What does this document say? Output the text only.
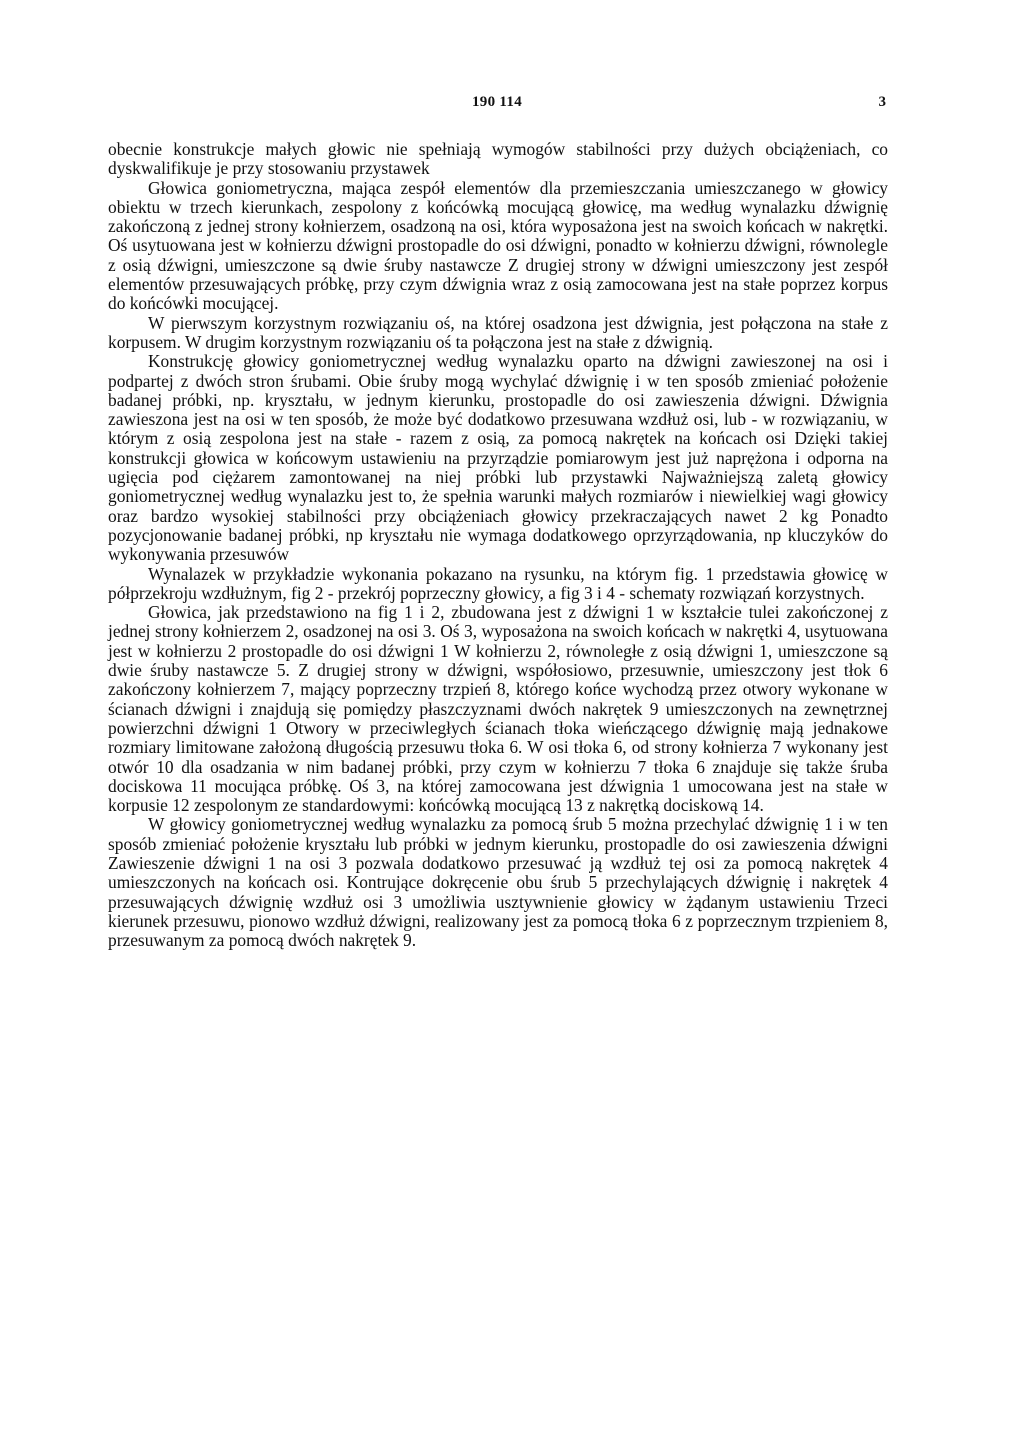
190 114	3

obecnie konstrukcje małych głowic nie spełniają wymogów stabilności przy dużych obciążeniach, co dyskwalifikuje je przy stosowaniu przystawek

Głowica goniometryczna, mająca zespół elementów dla przemieszczania umieszczanego w głowicy obiektu w trzech kierunkach, zespolony z końcówką mocującą głowicę, ma według wynalazku dźwignię zakończoną z jednej strony kołnierzem, osadzoną na osi, która wyposażona jest na swoich końcach w nakrętki. Oś usytuowana jest w kołnierzu dźwigni prostopadle do osi dźwigni, ponadto w kołnierzu dźwigni, równolegle z osią dźwigni, umieszczone są dwie śruby nastawcze Z drugiej strony w dźwigni umieszczony jest zespół elementów przesuwających próbkę, przy czym dźwignia wraz z osią zamocowana jest na stałe poprzez korpus do końcówki mocującej.

W pierwszym korzystnym rozwiązaniu oś, na której osadzona jest dźwignia, jest połączona na stałe z korpusem. W drugim korzystnym rozwiązaniu oś ta połączona jest na stałe z dźwignią.

Konstrukcję głowicy goniometrycznej według wynalazku oparto na dźwigni zawieszonej na osi i podpartej z dwóch stron śrubami. Obie śruby mogą wychylać dźwignię i w ten sposób zmieniać położenie badanej próbki, np. kryształu, w jednym kierunku, prostopadle do osi zawieszenia dźwigni. Dźwignia zawieszona jest na osi w ten sposób, że może być dodatkowo przesuwana wzdłuż osi, lub - w rozwiązaniu, w którym z osią zespolona jest na stałe - razem z osią, za pomocą nakrętek na końcach osi Dzięki takiej konstrukcji głowica w końcowym ustawieniu na przyrządzie pomiarowym jest już naprężona i odporna na ugięcia pod ciężarem zamontowanej na niej próbki lub przystawki Najważniejszą zaletą głowicy goniometrycznej według wynalazku jest to, że spełnia warunki małych rozmiarów i niewielkiej wagi głowicy oraz bardzo wysokiej stabilności przy obciążeniach głowicy przekraczających nawet 2 kg Ponadto pozycjonowanie badanej próbki, np kryształu nie wymaga dodatkowego oprzyrządowania, np kluczyków do wykonywania przesuwów

Wynalazek w przykładzie wykonania pokazano na rysunku, na którym fig. 1 przedstawia głowicę w półprzekroju wzdłużnym, fig 2 - przekrój poprzeczny głowicy, a fig 3 i 4 - schematy rozwiązań korzystnych.

Głowica, jak przedstawiono na fig 1 i 2, zbudowana jest z dźwigni 1 w kształcie tulei zakończonej z jednej strony kołnierzem 2, osadzonej na osi 3. Oś 3, wyposażona na swoich końcach w nakrętki 4, usytuowana jest w kołnierzu 2 prostopadle do osi dźwigni 1 W kołnierzu 2, równoległe z osią dźwigni 1, umieszczone są dwie śruby nastawcze 5. Z drugiej strony w dźwigni, współosiowo, przesuwnie, umieszczony jest tłok 6 zakończony kołnierzem 7, mający poprzeczny trzpień 8, którego końce wychodzą przez otwory wykonane w ścianach dźwigni i znajdują się pomiędzy płaszczyznami dwóch nakrętek 9 umieszczonych na zewnętrznej powierzchni dźwigni 1 Otwory w przeciwległych ścianach tłoka wieńczącego dźwignię mają jednakowe rozmiary limitowane założoną długością przesuwu tłoka 6. W osi tłoka 6, od strony kołnierza 7 wykonany jest otwór 10 dla osadzania w nim badanej próbki, przy czym w kołnierzu 7 tłoka 6 znajduje się także śruba dociskowa 11 mocująca próbkę. Oś 3, na której zamocowana jest dźwignia 1 umocowana jest na stałe w korpusie 12 zespolonym ze standardowymi: końcówką mocującą 13 z nakrętką dociskową 14.

W głowicy goniometrycznej według wynalazku za pomocą śrub 5 można przechylać dźwignię 1 i w ten sposób zmieniać położenie kryształu lub próbki w jednym kierunku, prostopadle do osi zawieszenia dźwigni Zawieszenie dźwigni 1 na osi 3 pozwala dodatkowo przesuwać ją wzdłuż tej osi za pomocą nakrętek 4 umieszczonych na końcach osi. Kontrujące dokręcenie obu śrub 5 przechylających dźwignię i nakrętek 4 przesuwających dźwignię wzdłuż osi 3 umożliwia usztywnienie głowicy w żądanym ustawieniu Trzeci kierunek przesuwu, pionowo wzdłuż dźwigni, realizowany jest za pomocą tłoka 6 z poprzecznym trzpieniem 8, przesuwanym za pomocą dwóch nakrętek 9.
